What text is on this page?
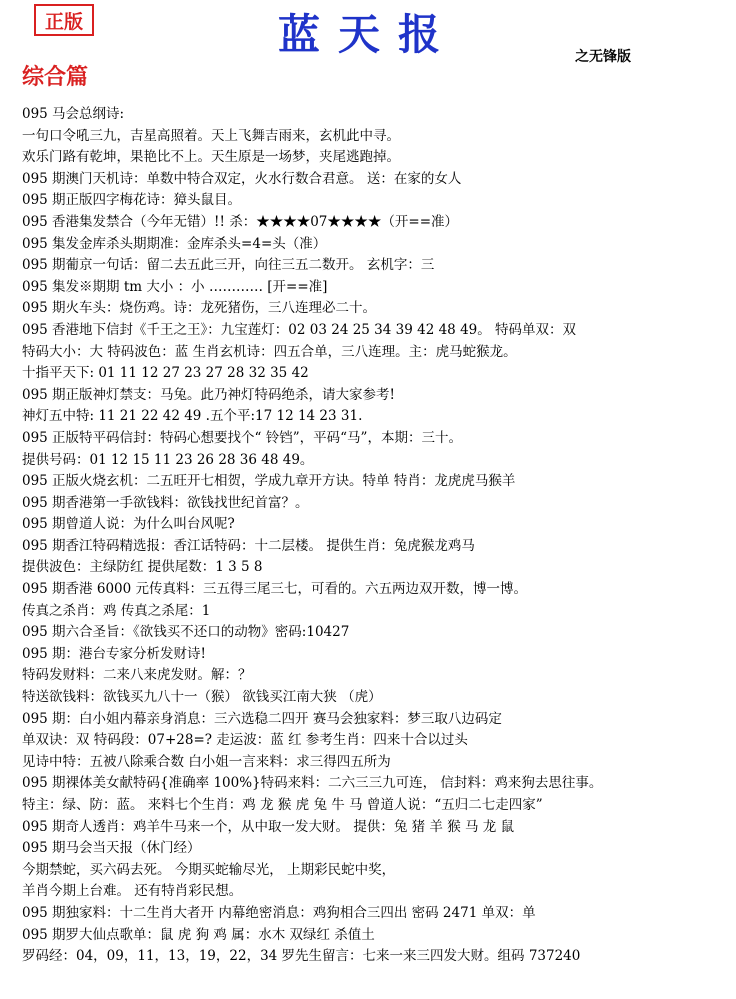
正版	蓝天报	之无锋版
综合篇
095 马会总纲诗:
一句口令吼三九，吉星高照着。天上飞舞吉雨来，玄机此中寻。
欢乐门路有乾坤，果艳比不上。天生原是一场梦，夹尾逃跑掉。
095 期澳门天机诗：单数中特合双定，火水行数合君意。 送：在家的女人
095 期正版四字梅花诗：獐头鼠目。
095 香港集发禁合（今年无错）!! 杀：★★★★07★★★★（开==准）
095 集发金库杀头期期准：金库杀头=4=头（准）
095 期葡京一句话：留二去五此三开，向往三五二数开。 玄机字：三
095 集发※期期 tm 大小 ：小 ………… [开==准]
095 期火车头：烧伤鸡。诗：龙死猪伤，三八连理必二十。
095 香港地下信封《千王之王》：九宝莲灯：02 03 24 25 34 39 42 48 49。 特码单双：双
特码大小：大 特码波色：蓝 生肖玄机诗：四五合单，三八连理。主：虎马蛇猴龙。
十指平天下: 01 11 12 27 23 27 28 32 35 42
095 期正版神灯禁支：马兔。此乃神灯特码绝杀，请大家参考!
神灯五中特: 11 21 22 42 49 .五个平:17 12 14 23 31.
095 正版特平码信封：特码心想要找个“ 铃铛”，平码“马”，本期：三十。
提供号码：01 12 15 11 23 26 28 36 48 49。
095 正版火烧玄机：二五旺开七相贺，学成九章开方诀。特单 特肖：龙虎虎马猴羊
095 期香港第一手欲钱料：欲钱找世纪首富？。
095 期曾道人说：为什么叫台风呢?
095 期香江特码精选报：香江话特码：十二层楼。 提供生肖：兔虎猴龙鸡马
提供波色：主绿防红 提供尾数：1 3 5 8
095 期香港 6000 元传真料：三五得三尾三七，可看的。六五两边双开数，博一博。
传真之杀肖：鸡 传真之杀尾：1
095 期六合圣旨：《欲钱买不还口的动物》密码:10427
095 期：港台专家分析发财诗!
特码发财料：二来八来虎发财。解：？
特送欲钱料：欲钱买九八十一（猴） 欲钱买江南大狭 （虎）
095 期：白小姐内幕亲身消息：三六选稳二四开 赛马会独家料：梦三取八边码定
单双诀：双 特码段：07+28=? 走运波：蓝 红 参考生肖：四来十合以过头
见诗中特：五被八除乘合数 白小姐一言来料：求三得四五所为
095 期裸体美女献特码{准确率 100%}特码来料：二六三三九可连， 信封料：鸡来狗去思往事。
特主：绿、防：蓝。 来料七个生肖：鸡 龙 猴 虎 兔 牛 马 曾道人说：“五归二七走四家”
095 期奇人透肖：鸡羊牛马来一个，从中取一发大财。 提供：兔 猪 羊 猴 马 龙 鼠
095 期马会当天报（休门经）
今期禁蛇，买六码去死。 今期买蛇输尽光， 上期彩民蛇中奖，
羊肖今期上台难。 还有特肖彩民想。
095 期独家料：十二生肖大者开 内幕绝密消息：鸡狗相合三四出 密码 2471 单双：单
095 期罗大仙点歌单：鼠 虎 狗 鸡 属：水木 双绿红 杀值土
罗码经：04，09，11，13，19，22，34 罗先生留言：七来一来三四发大财。组码 737240
